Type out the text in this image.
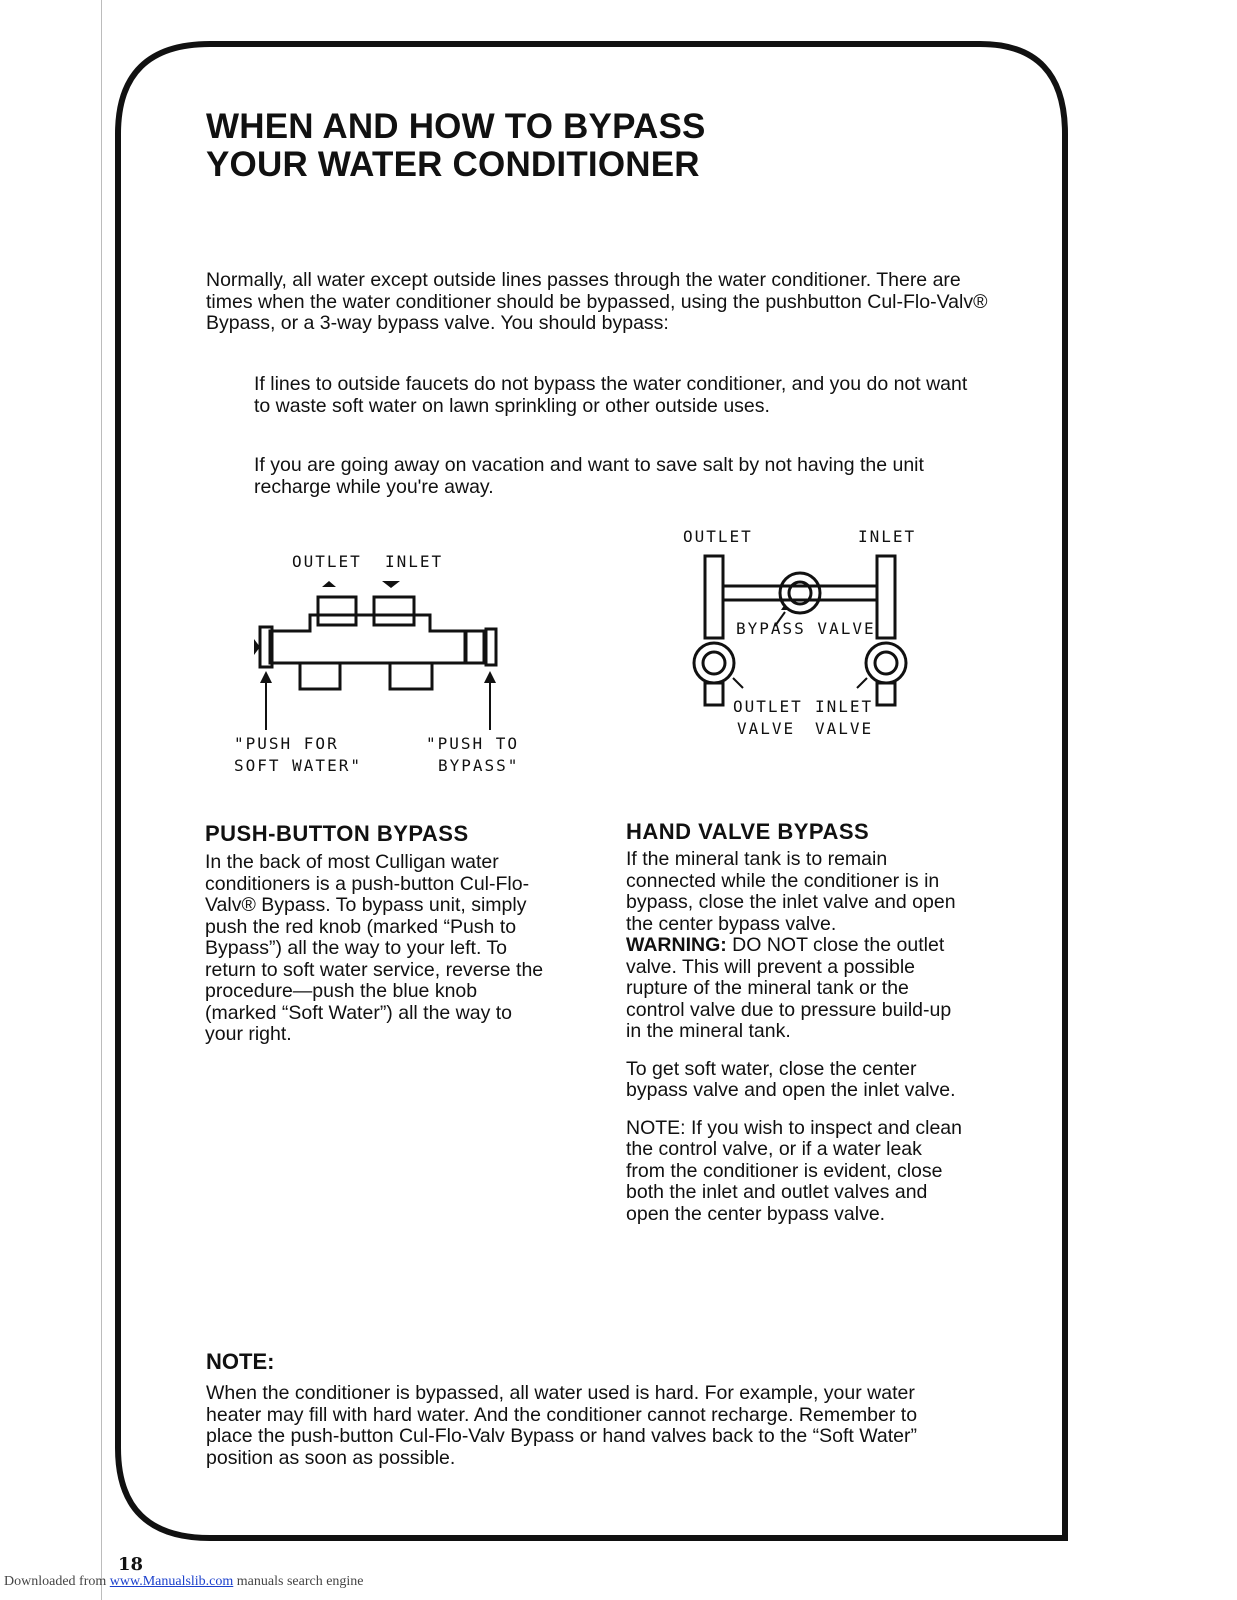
WHEN AND HOW TO BYPASS
YOUR WATER CONDITIONER
Normally, all water except outside lines passes through the water conditioner. There are times when the water conditioner should be bypassed, using the pushbutton Cul-Flo-Valv® Bypass, or a 3-way bypass valve. You should bypass:
If lines to outside faucets do not bypass the water conditioner, and you do not want to waste soft water on lawn sprinkling or other outside uses.
If you are going away on vacation and want to save salt by not having the unit recharge while you're away.
OUTLET INLET
"PUSH FOR
SOFT WATER"
"PUSH TO
BYPASS"
OUTLET	INLET
BYPASS VALVE
OUTLET
VALVE
INLET
VALVE
PUSH-BUTTON BYPASS
In the back of most Culligan water conditioners is a push-button Cul-Flo-Valv® Bypass. To bypass unit, simply push the red knob (marked “Push to Bypass”) all the way to your left. To return to soft water service, reverse the procedure—push the blue knob (marked “Soft Water”) all the way to your right.
HAND VALVE BYPASS

If the mineral tank is to remain connected while the conditioner is in bypass, close the inlet valve and open the center bypass valve.

WARNING: DO NOT close the outlet valve. This will prevent a possible rupture of the mineral tank or the control valve due to pressure build-up in the mineral tank.

To get soft water, close the center bypass valve and open the inlet valve.

NOTE: If you wish to inspect and clean the control valve, or if a water leak from the conditioner is evident, close both the inlet and outlet valves and open the center bypass valve.

NOTE:
When the conditioner is bypassed, all water used is hard. For example, your water heater may fill with hard water. And the conditioner cannot recharge. Remember to place the push-button Cul-Flo-Valv Bypass or hand valves back to the “Soft Water” position as soon as possible.
18
Downloaded from www.Manualslib.com manuals search engine
